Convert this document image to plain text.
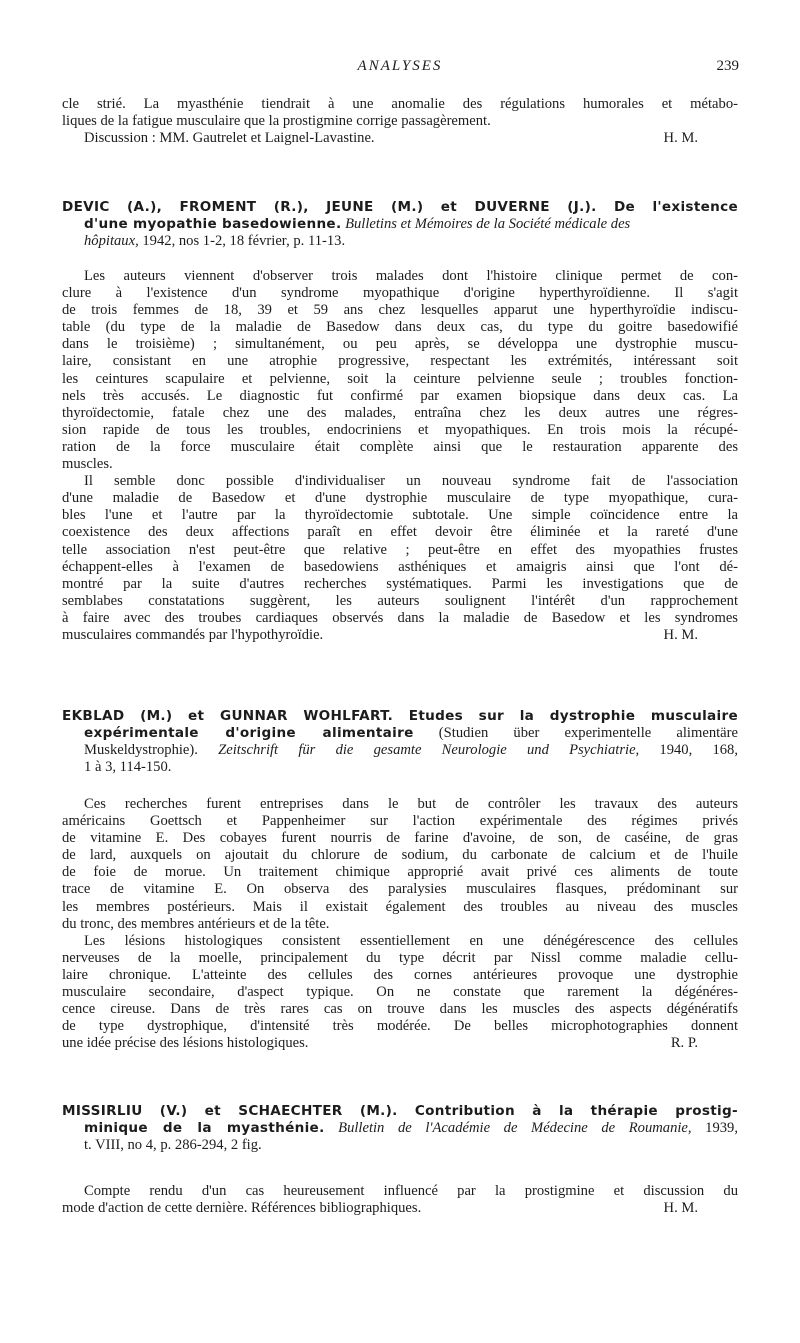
ANALYSES	239
cle strié. La myasthénie tiendrait à une anomalie des régulations humorales et métabo-
liques de la fatigue musculaire que la prostigmine corrige passagèrement.
Discussion : MM. Gautrelet et Laignel-Lavastine.	H. M.
DEVIC (A.), FROMENT (R.), JEUNE (M.) et DUVERNE (J.). De l'existence
d'une myopathie basedowienne. Bulletins et Mémoires de la Société médicale des
hôpitaux, 1942, nos 1-2, 18 février, p. 11-13.
Les auteurs viennent d'observer trois malades dont l'histoire clinique permet de con-
clure à l'existence d'un syndrome myopathique d'origine hyperthyroïdienne. Il s'agit
de trois femmes de 18, 39 et 59 ans chez lesquelles apparut une hyperthyroïdie indiscu-
table (du type de la maladie de Basedow dans deux cas, du type du goitre basedowifié
dans le troisième) ; simultanément, ou peu après, se développa une dystrophie muscu-
laire, consistant en une atrophie progressive, respectant les extrémités, intéressant soit
les ceintures scapulaire et pelvienne, soit la ceinture pelvienne seule ; troubles fonction-
nels très accusés. Le diagnostic fut confirmé par examen biopsique dans deux cas. La
thyroïdectomie, fatale chez une des malades, entraîna chez les deux autres une régres-
sion rapide de tous les troubles, endocriniens et myopathiques. En trois mois la récupé-
ration de la force musculaire était complète ainsi que le restauration apparente des
muscles.
Il semble donc possible d'individualiser un nouveau syndrome fait de l'association
d'une maladie de Basedow et d'une dystrophie musculaire de type myopathique, cura-
bles l'une et l'autre par la thyroïdectomie subtotale. Une simple coïncidence entre la
coexistence des deux affections paraît en effet devoir être éliminée et la rareté d'une
telle association n'est peut-être que relative ; peut-être en effet des myopathies frustes
échappent-elles à l'examen de basedowiens asthéniques et amaigris ainsi que l'ont dé-
montré par la suite d'autres recherches systématiques. Parmi les investigations que de
semblabes constatations suggèrent, les auteurs soulignent l'intérêt d'un rapprochement
à faire avec des troubes cardiaques observés dans la maladie de Basedow et les syndromes
musculaires commandés par l'hypothyroïdie.	H. M.
EKBLAD (M.) et GUNNAR WOHLFART. Etudes sur la dystrophie musculaire
expérimentale d'origine alimentaire (Studien über experimentelle alimentäre
Muskeldystrophie). Zeitschrift für die gesamte Neurologie und Psychiatrie, 1940, 168,
1 à 3, 114-150.
Ces recherches furent entreprises dans le but de contrôler les travaux des auteurs
américains Goettsch et Pappenheimer sur l'action expérimentale des régimes privés
de vitamine E. Des cobayes furent nourris de farine d'avoine, de son, de caséine, de gras
de lard, auxquels on ajoutait du chlorure de sodium, du carbonate de calcium et de l'huile
de foie de morue. Un traitement chimique approprié avait privé ces aliments de toute
trace de vitamine E. On observa des paralysies musculaires flasques, prédominant sur
les membres postérieurs. Mais il existait également des troubles au niveau des muscles
du tronc, des membres antérieurs et de la tête.
Les lésions histologiques consistent essentiellement en une dénégérescence des cellules
nerveuses de la moelle, principalement du type décrit par Nissl comme maladie cellu-
laire chronique. L'atteinte des cellules des cornes antérieures provoque une dystrophie
musculaire secondaire, d'aspect typique. On ne constate que rarement la dégénéres-
cence cireuse. Dans de très rares cas on trouve dans les muscles des aspects dégénératifs
de type dystrophique, d'intensité très modérée. De belles microphotographies donnent
une idée précise des lésions histologiques.	R. P.
MISSIRLIU (V.) et SCHAECHTER (M.). Contribution à la thérapie prostig-
minique de la myasthénie. Bulletin de l'Académie de Médecine de Roumanie, 1939,
t. VIII, no 4, p. 286-294, 2 fig.
Compte rendu d'un cas heureusement influencé par la prostigmine et discussion du
mode d'action de cette dernière. Références bibliographiques.	H. M.
